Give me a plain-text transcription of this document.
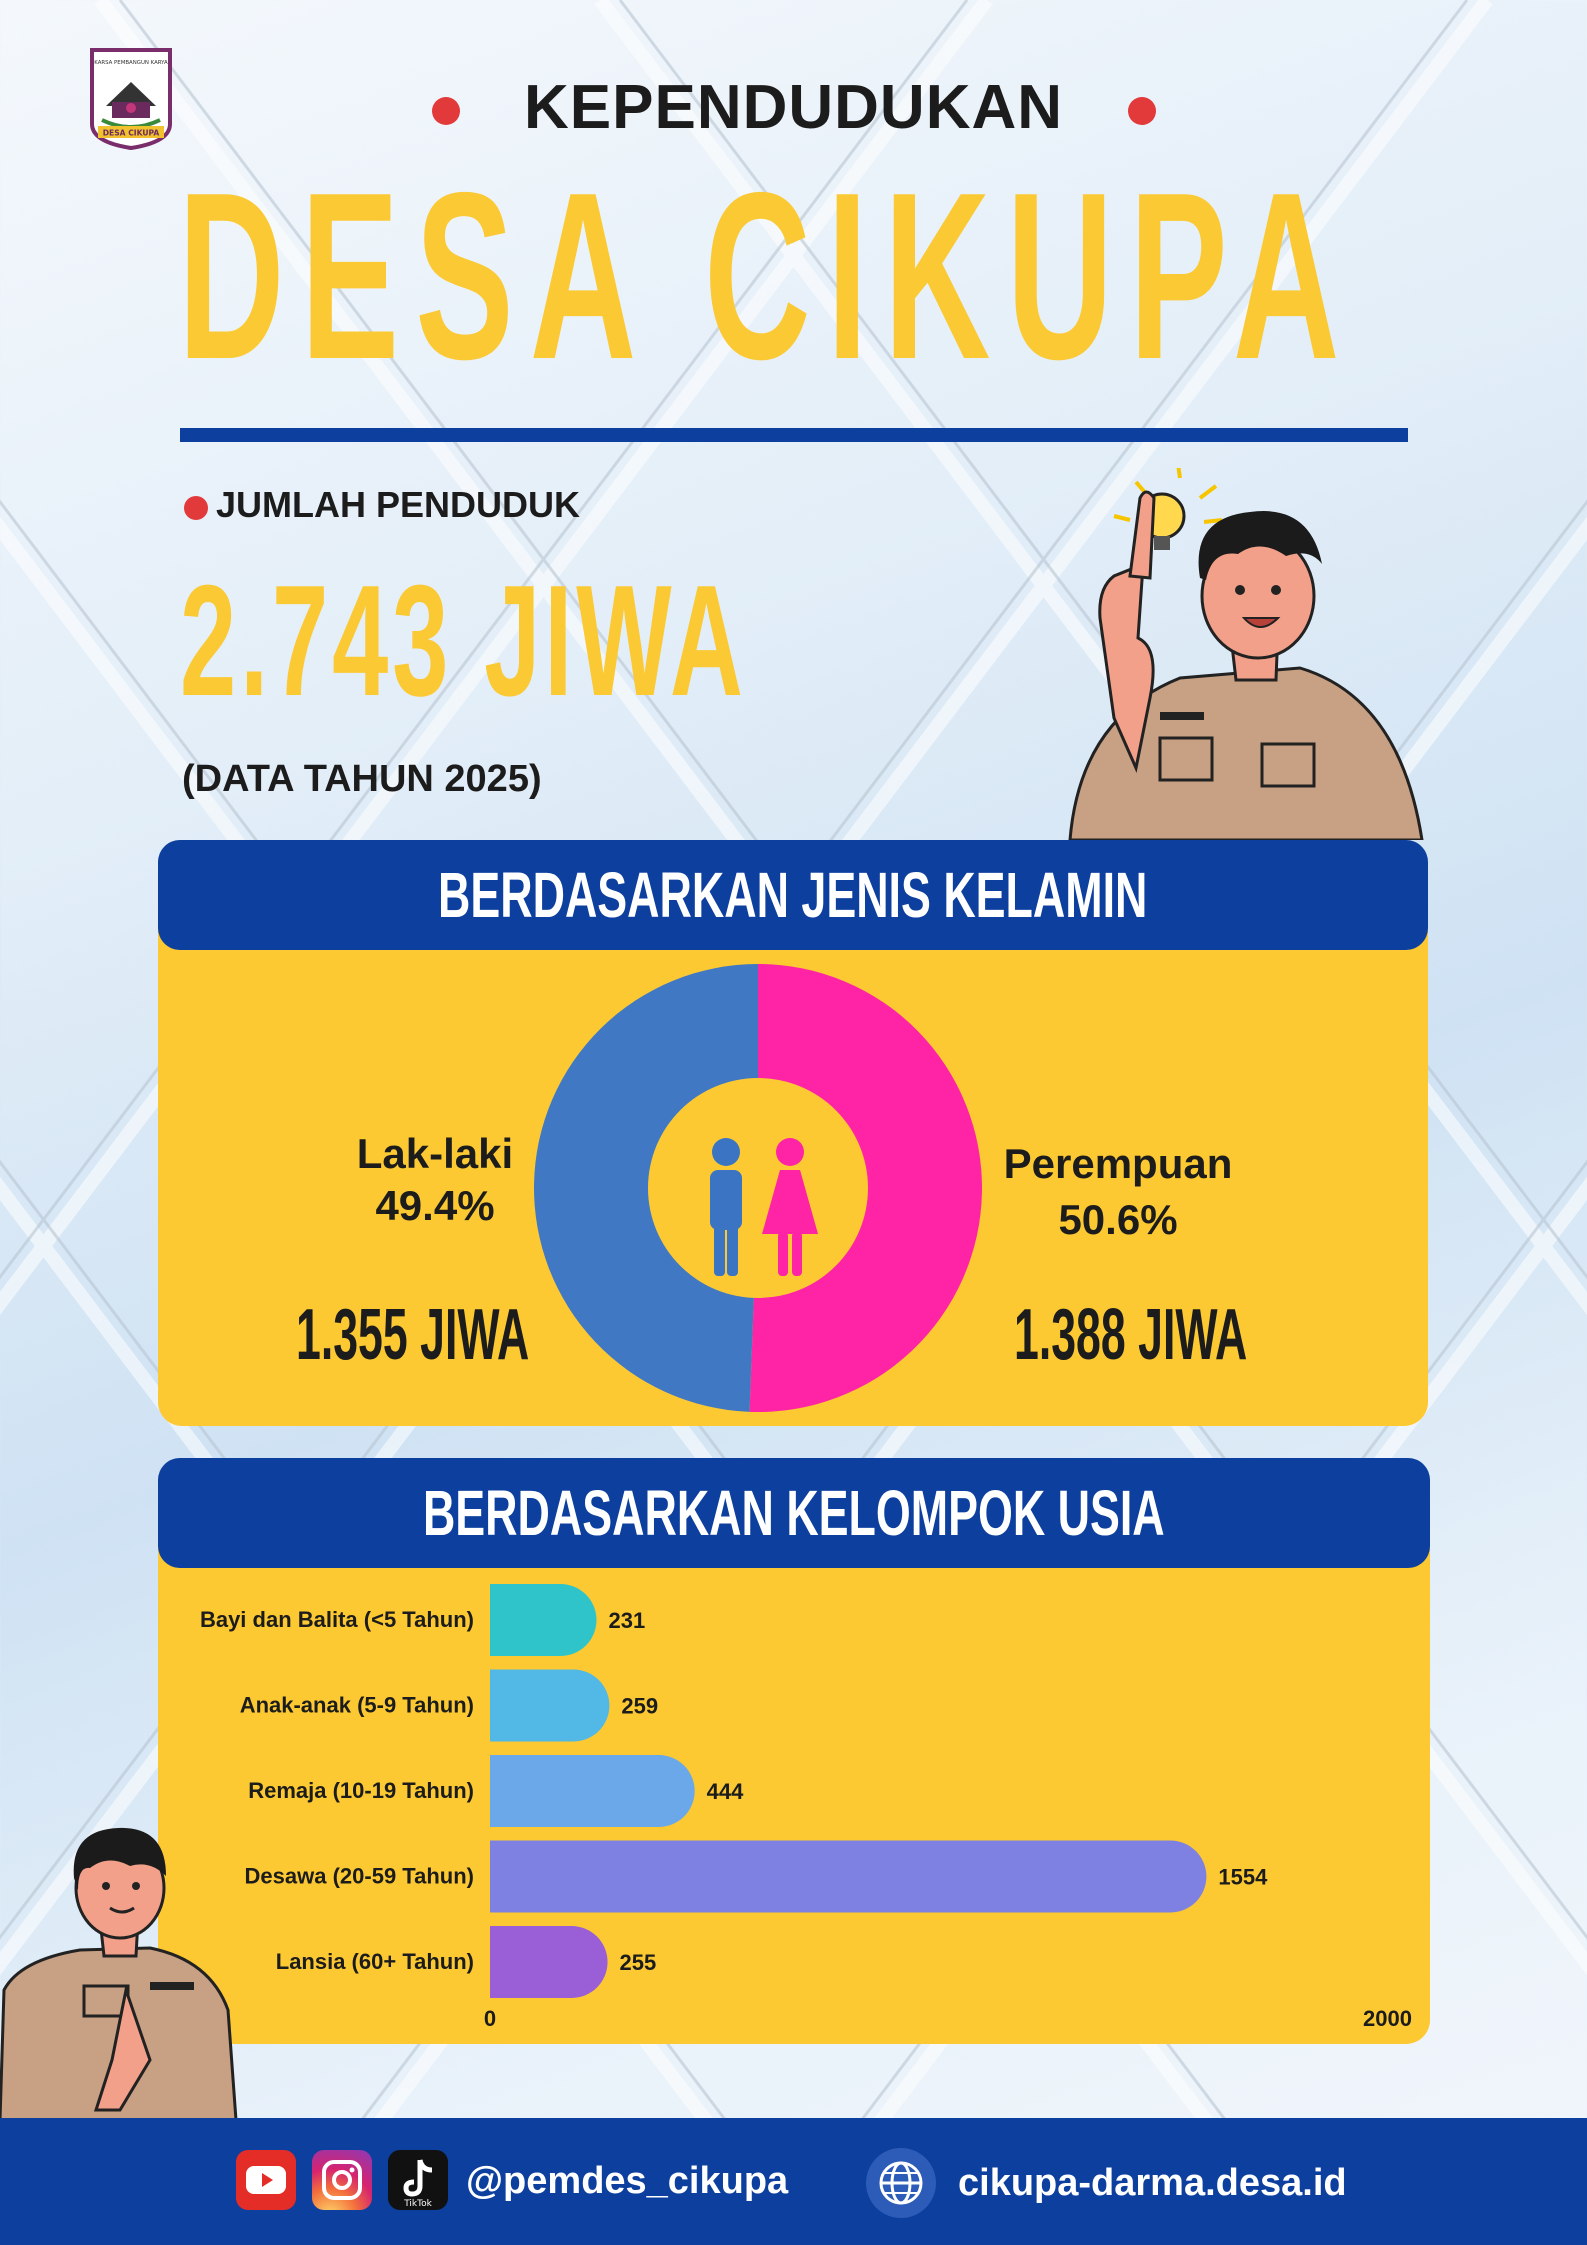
KARSA PEMBANGUN KARYA
DESA CIKUPA	KEPENDUDUKAN
DESA CIKUPA
JUMLAH PENDUDUK
2.743 JIWA
(DATA TAHUN 2025)
BERDASARKAN JENIS KELAMIN
Lak-laki
49.4%
1.355 JIWA
Perempuan
50.6%
1.388 JIWA
BERDASARKAN KELOMPOK USIA
Bayi dan Balita (<5 Tahun)	231
Anak-anak (5-9 Tahun)	259
Remaja (10-19 Tahun)	444
Desawa (20-59 Tahun)	1554
Lansia (60+ Tahun)	255
0	2000
TikTok
@pemdes_cikupa	cikupa-darma.desa.id
